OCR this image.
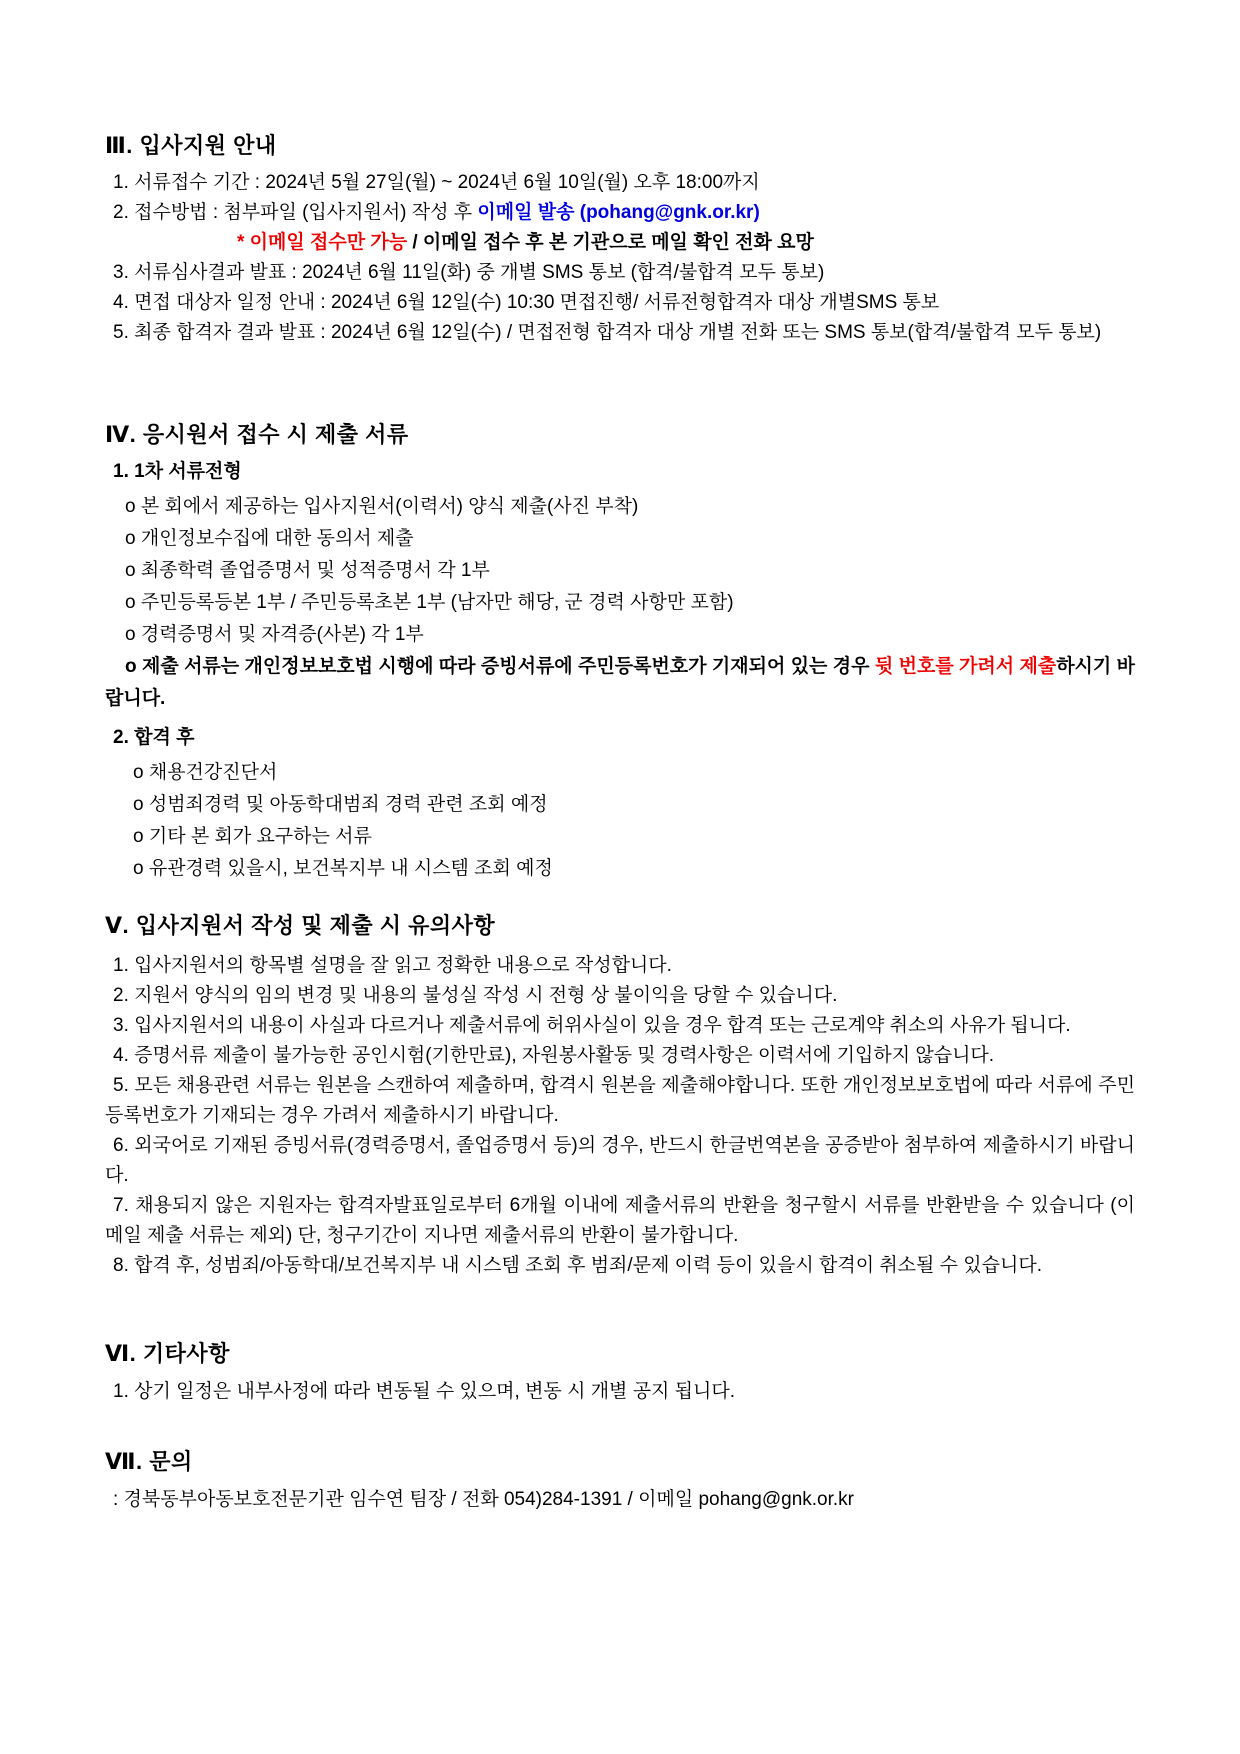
Ⅲ. 입사지원 안내

1. 서류접수 기간 : 2024년 5월 27일(월) ~ 2024년 6월 10일(월) 오후 18:00까지

2. 접수방법 : 첨부파일 (입사지원서) 작성 후 이메일 발송 (pohang@gnk.or.kr)

* 이메일 접수만 가능 / 이메일 접수 후 본 기관으로 메일 확인 전화 요망

3. 서류심사결과 발표 : 2024년 6월 11일(화) 중 개별 SMS 통보 (합격/불합격 모두 통보)

4. 면접 대상자 일정 안내 : 2024년 6월 12일(수) 10:30 면접진행/ 서류전형합격자 대상 개별SMS 통보

5. 최종 합격자 결과 발표 : 2024년 6월 12일(수) / 면접전형 합격자 대상 개별 전화 또는 SMS 통보(합격/불합격 모두 통보)

Ⅳ. 응시원서 접수 시 제출 서류

1. 1차 서류전형

o 본 회에서 제공하는 입사지원서(이력서) 양식 제출(사진 부착)

o 개인정보수집에 대한 동의서 제출

o 최종학력 졸업증명서 및 성적증명서 각 1부

o 주민등록등본 1부 / 주민등록초본 1부 (남자만 해당, 군 경력 사항만 포함)

o 경력증명서 및 자격증(사본) 각 1부

o 제출 서류는 개인정보보호법 시행에 따라 증빙서류에 주민등록번호가 기재되어 있는 경우 뒷 번호를 가려서 제출하시기 바랍니다.

2. 합격 후

o 채용건강진단서

o 성범죄경력 및 아동학대범죄 경력 관련 조회 예정

o 기타 본 회가 요구하는 서류

o 유관경력 있을시, 보건복지부 내 시스템 조회 예정

Ⅴ. 입사지원서 작성 및 제출 시 유의사항

1. 입사지원서의 항목별 설명을 잘 읽고 정확한 내용으로 작성합니다.

2. 지원서 양식의 임의 변경 및 내용의 불성실 작성 시 전형 상 불이익을 당할 수 있습니다.

3. 입사지원서의 내용이 사실과 다르거나 제출서류에 허위사실이 있을 경우 합격 또는 근로계약 취소의 사유가 됩니다.

4. 증명서류 제출이 불가능한 공인시험(기한만료), 자원봉사활동 및 경력사항은 이력서에 기입하지 않습니다.

5. 모든 채용관련 서류는 원본을 스캔하여 제출하며, 합격시 원본을 제출해야합니다. 또한 개인정보보호법에 따라 서류에 주민등록번호가 기재되는 경우 가려서 제출하시기 바랍니다.

6. 외국어로 기재된 증빙서류(경력증명서, 졸업증명서 등)의 경우, 반드시 한글번역본을 공증받아 첨부하여 제출하시기 바랍니다.

7. 채용되지 않은 지원자는 합격자발표일로부터 6개월 이내에 제출서류의 반환을 청구할시 서류를 반환받을 수 있습니다 (이메일 제출 서류는 제외) 단, 청구기간이 지나면 제출서류의 반환이 불가합니다.

8. 합격 후, 성범죄/아동학대/보건복지부 내 시스템 조회 후 범죄/문제 이력 등이 있을시 합격이 취소될 수 있습니다.

Ⅵ. 기타사항

1. 상기 일정은 내부사정에 따라 변동될 수 있으며, 변동 시 개별 공지 됩니다.

Ⅶ. 문의

: 경북동부아동보호전문기관 임수연 팀장 / 전화 054)284-1391 / 이메일 pohang@gnk.or.kr
